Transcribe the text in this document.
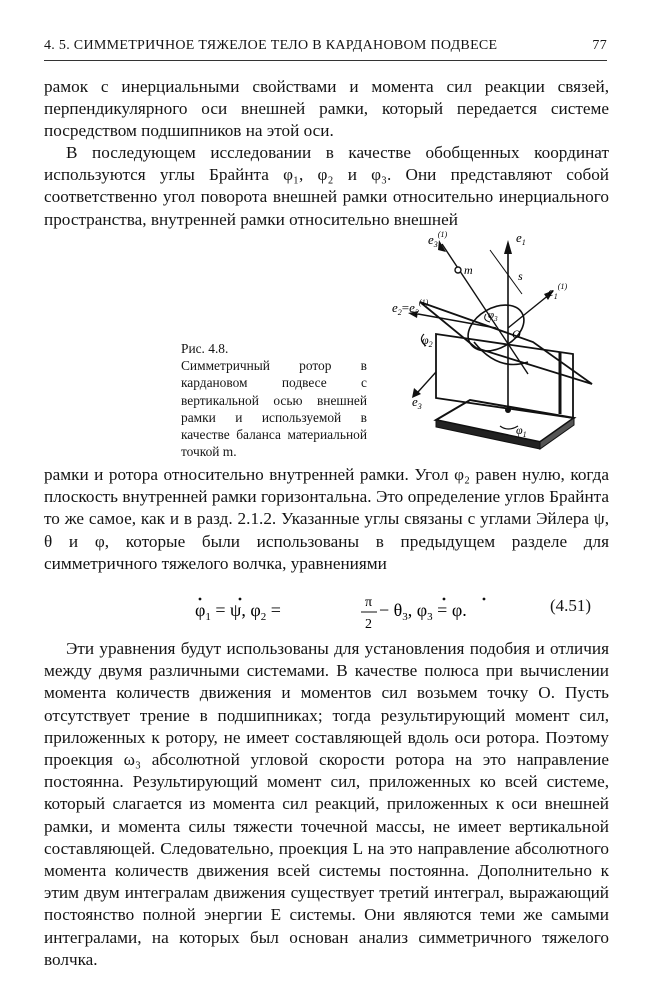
4. 5. СИММЕТРИЧНОЕ ТЯЖЕЛОЕ ТЕЛО В КАРДАНОВОМ ПОДВЕСЕ	77

рамок с инерциальными свойствами и момента сил реакции связей, перпендикулярного оси внешней рамки, который передается системе посредством подшипников на этой оси.

В последующем исследовании в качестве обобщенных координат используются углы Брайнта φ₁, φ₂ и φ₃. Они представляют собой соответственно угол поворота внешней рамки относительно инерциального пространства, внутренней рамки относительно внешней

Рис. 4.8.
Симметричный ротор в кардановом подвесе с вертикальной осью внешней рамки и используемой в качестве баланса материальной точкой m.
$e_3^{(1)}$	$e_1$
m	s
$e_1^{(1)}$
$e_2=e_2^{(1)}$
$\varphi_3$
O
$\varphi_2$
$e_3$
$\varphi_1$

рамки и ротора относительно внутренней рамки. Угол φ₂ равен нулю, когда плоскость внутренней рамки горизонтальна. Это определение углов Брайнта то же самое, как и в разд. 2.1.2. Указанные углы связаны с углами Эйлера ψ, θ и φ, которые были использованы в предыдущем разделе для симметричного тяжелого волчка, уравнениями

$\varphi_1 = \psi$, $\varphi_2$ =	π
2
− $\theta_3$, $\varphi_3 = \varphi$.	(4.51)

Эти уравнения будут использованы для установления подобия и отличия между двумя различными системами. В качестве полюса при вычислении момента количеств движения и моментов сил возьмем точку O. Пусть отсутствует трение в подшипниках; тогда результирующий момент сил, приложенных к ротору, не имеет составляющей вдоль оси ротора. Поэтому проекция ω₃ абсолютной угловой скорости ротора на это направление постоянна. Результирующий момент сил, приложенных ко всей системе, который слагается из момента сил реакций, приложенных к оси внешней рамки, и момента силы тяжести точечной массы, не имеет вертикальной составляющей. Следовательно, проекция L на это направление абсолютного момента количеств движения всей системы постоянна. Дополнительно к этим двум интегралам движения существует третий интеграл, выражающий постоянство полной энергии E системы. Они являются теми же самыми интегралами, на которых был основан анализ симметричного тяжелого волчка.
